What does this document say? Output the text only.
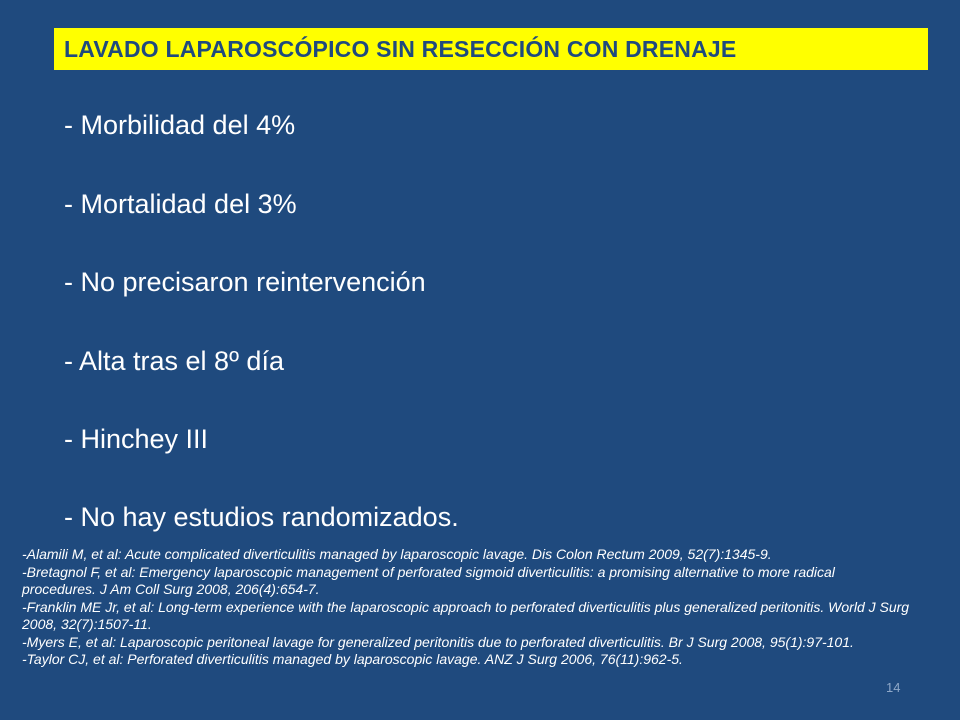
LAVADO LAPAROSCÓPICO SIN RESECCIÓN CON DRENAJE
- Morbilidad del 4%
- Mortalidad del 3%
- No precisaron reintervención
- Alta tras el 8º día
- Hinchey III
- No hay estudios randomizados.

-Alamili M, et al: Acute complicated diverticulitis managed by laparoscopic lavage. Dis Colon Rectum 2009, 52(7):1345-9.

-Bretagnol F, et al: Emergency laparoscopic management of perforated sigmoid diverticulitis: a promising alternative to more radical procedures. J Am Coll Surg 2008, 206(4):654-7.

-Franklin ME Jr, et al: Long-term experience with the laparoscopic approach to perforated diverticulitis plus generalized peritonitis. World J Surg 2008, 32(7):1507-11.

-Myers E, et al: Laparoscopic peritoneal lavage for generalized peritonitis due to perforated diverticulitis. Br J Surg 2008, 95(1):97-101.

-Taylor CJ, et al: Perforated diverticulitis managed by laparoscopic lavage. ANZ J Surg 2006, 76(11):962-5.

14
